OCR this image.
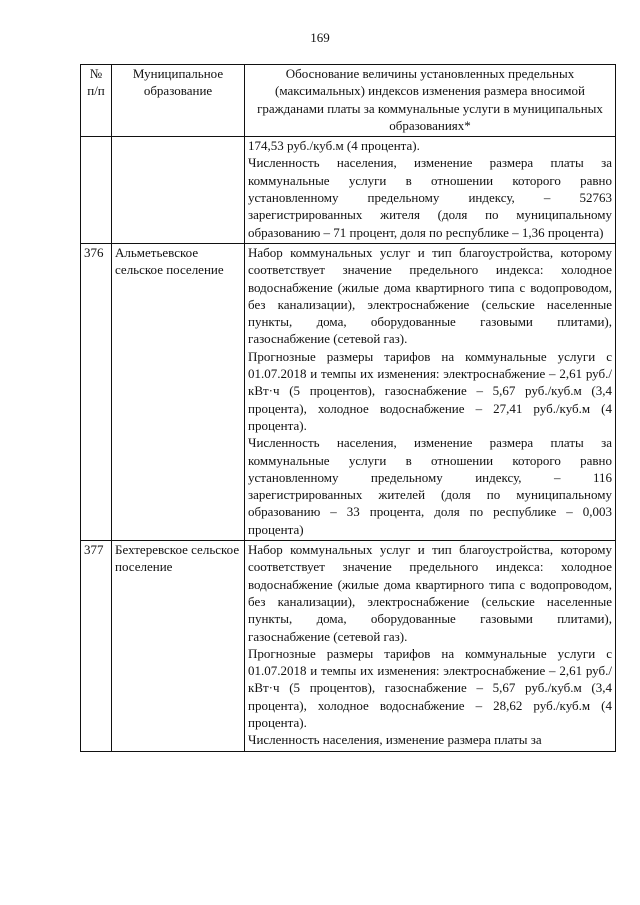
169
№ п/п	Муниципальное образование	Обоснование величины установленных предельных (максимальных) индексов изменения размера вносимой гражданами платы за коммунальные услуги в муниципальных образованиях*

		174,53 руб./куб.м (4 процента).

Численность населения, изменение размера платы за коммунальные услуги в отношении которого равно установленному предельному индексу, – 52763 зарегистрированных жителя (доля по муниципальному образованию – 71 процент, доля по республике – 1,36 процента)

376	Альметьевское сельское поселение	Набор коммунальных услуг и тип благоустройства, которому соответствует значение предельного индекса: холодное водоснабжение (жилые дома квартирного типа с водопроводом, без канализации), электроснабжение (сельские населенные пункты, дома, оборудованные газовыми плитами), газоснабжение (сетевой газ).

Прогнозные размеры тарифов на коммунальные услуги с 01.07.2018 и темпы их изменения: электроснабжение – 2,61 руб./кВт·ч (5 процентов), газоснабжение – 5,67 руб./куб.м (3,4 процента), холодное водоснабжение – 27,41 руб./куб.м (4 процента).

Численность населения, изменение размера платы за коммунальные услуги в отношении которого равно установленному предельному индексу, – 116 зарегистрированных жителей (доля по муниципальному образованию – 33 процента, доля по республике – 0,003 процента)

377	Бехтеревское сельское поселение	Набор коммунальных услуг и тип благоустройства, которому соответствует значение предельного индекса: холодное водоснабжение (жилые дома квартирного типа с водопроводом, без канализации), электроснабжение (сельские населенные пункты, дома, оборудованные газовыми плитами), газоснабжение (сетевой газ).

Прогнозные размеры тарифов на коммунальные услуги с 01.07.2018 и темпы их изменения: электроснабжение – 2,61 руб./кВт·ч (5 процентов), газоснабжение – 5,67 руб./куб.м (3,4 процента), холодное водоснабжение – 28,62 руб./куб.м (4 процента).

Численность населения, изменение размера платы за
